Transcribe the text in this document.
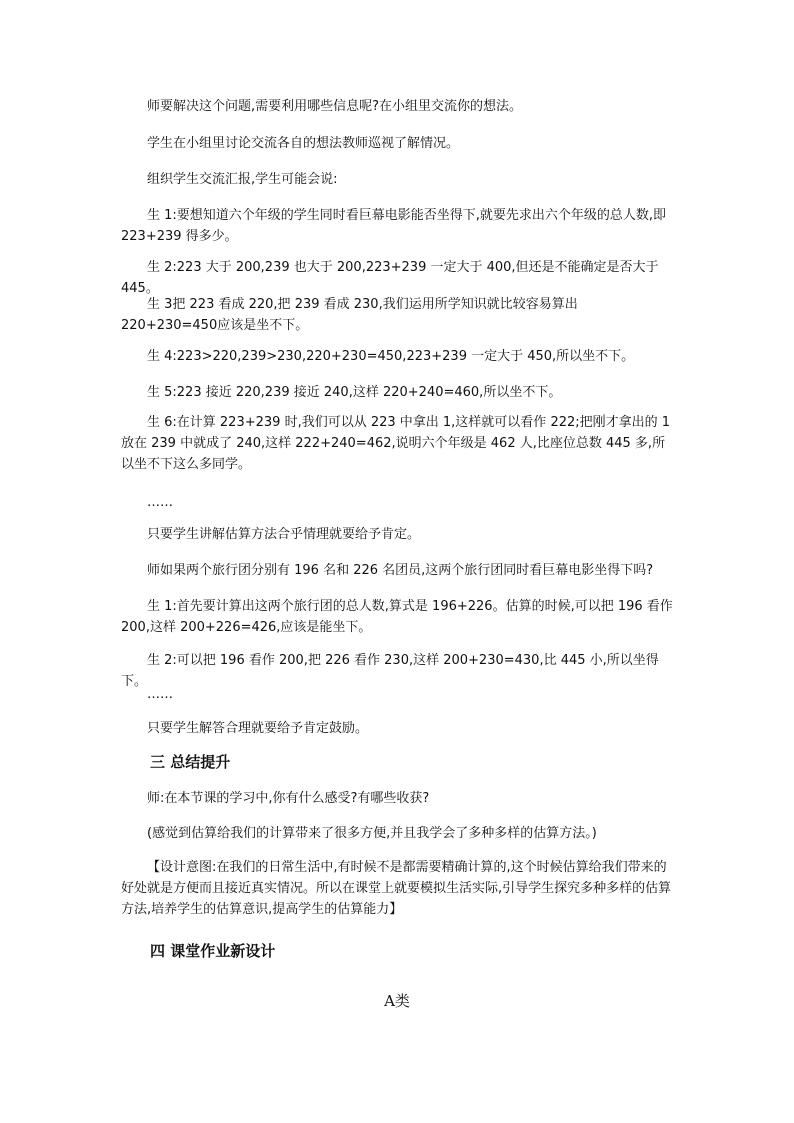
师要解决这个问题,需要利用哪些信息呢?在小组里交流你的想法。

学生在小组里讨论交流各自的想法教师巡视了解情况。

组织学生交流汇报,学生可能会说:

生 1:要想知道六个年级的学生同时看巨幕电影能否坐得下,就要先求出六个年级的总人数,即 223+239 得多少。

生 2:223 大于 200,239 也大于 200,223+239 一定大于 400,但还是不能确定是否大于 445。

生 3把 223 看成 220,把 239 看成 230,我们运用所学知识就比较容易算出 220+230=450应该是坐不下。

生 4:223>220,239>230,220+230=450,223+239 一定大于 450,所以坐不下。

生 5:223 接近 220,239 接近 240,这样 220+240=460,所以坐不下。

生 6:在计算 223+239 时,我们可以从 223 中拿出 1,这样就可以看作 222;把刚才拿出的 1 放在 239 中就成了 240,这样 222+240=462,说明六个年级是 462 人,比座位总数 445 多,所以坐不下这么多同学。

……

只要学生讲解估算方法合乎情理就要给予肯定。

师如果两个旅行团分别有 196 名和 226 名团员,这两个旅行团同时看巨幕电影坐得下吗?

生 1:首先要计算出这两个旅行团的总人数,算式是 196+226。估算的时候,可以把 196 看作 200,这样 200+226=426,应该是能坐下。

生 2:可以把 196 看作 200,把 226 看作 230,这样 200+230=430,比 445 小,所以坐得下。

……

只要学生解答合理就要给予肯定鼓励。

三 总结提升

师:在本节课的学习中,你有什么感受?有哪些收获?

(感觉到估算给我们的计算带来了很多方便,并且我学会了多种多样的估算方法。)

【设计意图:在我们的日常生活中,有时候不是都需要精确计算的,这个时候估算给我们带来的好处就是方便而且接近真实情况。所以在课堂上就要模拟生活实际,引导学生探究多种多样的估算方法,培养学生的估算意识,提高学生的估算能力】

四 课堂作业新设计

A类
